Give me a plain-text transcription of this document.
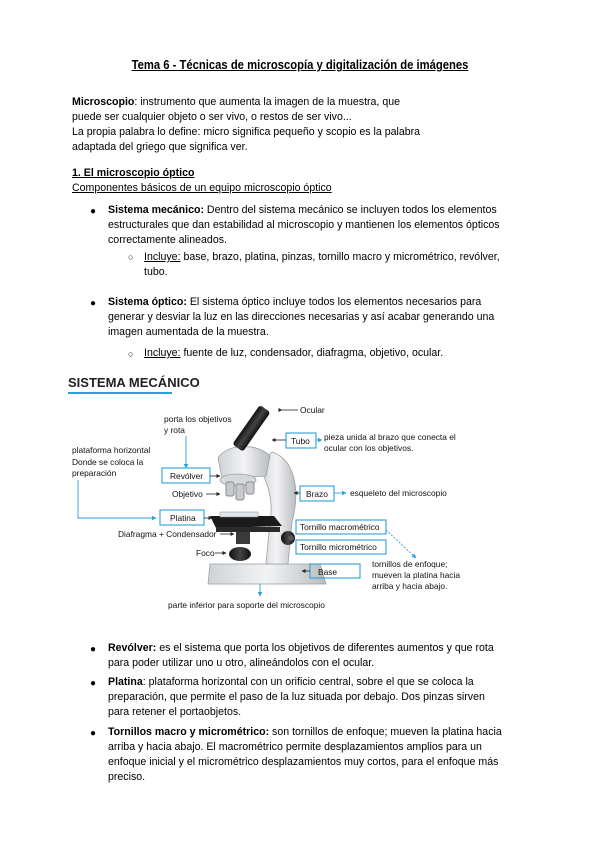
Tema 6 - Técnicas de microscopía y digitalización de imágenes
Microscopio: instrumento que aumenta la imagen de la muestra, que
puede ser cualquier objeto o ser vivo, o restos de ser vivo...
La propia palabra lo define: micro significa pequeño y scopio es la palabra
adaptada del griego que significa ver.
1. El microscopio óptico
Componentes básicos de un equipo microscopio óptico
● Sistema mecánico: Dentro del sistema mecánico se incluyen todos los elementos
estructurales que dan estabilidad al microscopio y mantienen los elementos ópticos
correctamente alineados.
○ Incluye: base, brazo, platina, pinzas, tornillo macro y micrométrico, revólver,
tubo.
● Sistema óptico: El sistema óptico incluye todos los elementos necesarios para
generar y desviar la luz en las direcciones necesarias y así acabar generando una
imagen aumentada de la muestra.
○ Incluye: fuente de luz, condensador, diafragma, objetivo, ocular.
SISTEMA MECÁNICO
Ocular
porta los objetivos
y rota
Tubo pieza unida al brazo que conecta el
ocular con los objetivos.
plataforma horizontal
Donde se coloca la
preparación	Revólver
Objetivo	Brazo	esqueleto del microscopio
Platina
Diafragma + Condensador
Tornillo macrométrico
Tornillo micrométrico
Foco
Base
parte inferior para soporte del microscopio
tornillos de enfoque;
mueven la platina hacia
arriba y hacia abajo.
● Revólver: es el sistema que porta los objetivos de diferentes aumentos y que rota
para poder utilizar uno u otro, alineándolos con el ocular.
● Platina: plataforma horizontal con un orificio central, sobre el que se coloca la
preparación, que permite el paso de la luz situada por debajo. Dos pinzas sirven
para retener el portaobjetos.
● Tornillos macro y micrométrico: son tornillos de enfoque; mueven la platina hacia
arriba y hacia abajo. El macrométrico permite desplazamientos amplios para un
enfoque inicial y el micrométrico desplazamientos muy cortos, para el enfoque más
preciso.
